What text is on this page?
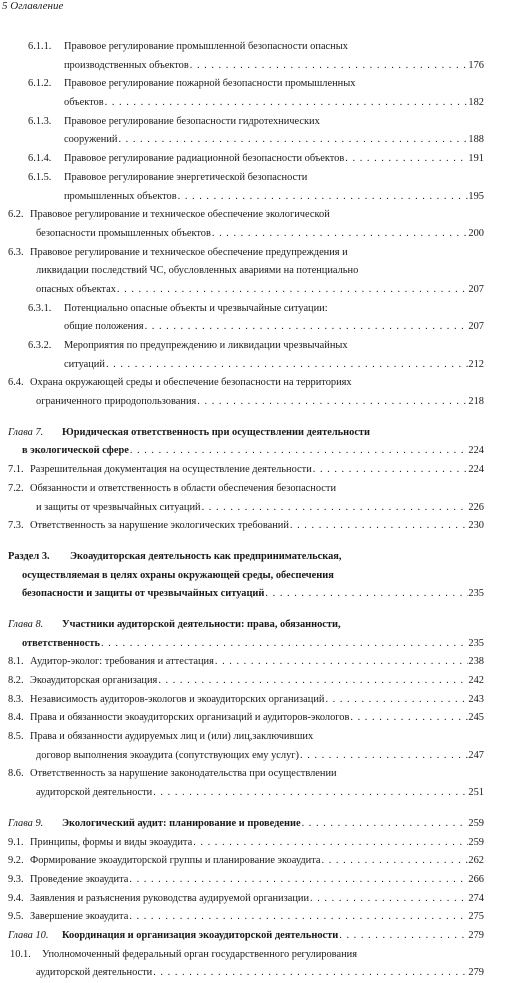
5 Оглавление
6.1.1. Правовое регулирование промышленной безопасности опасных
производственных объектов . . .	176
6.1.2. Правовое регулирование пожарной безопасности промышленных
объектов . . .	182
6.1.3. Правовое регулирование безопасности гидротехнических
сооружений . . .	188
6.1.4. Правовое регулирование радиационной безопасности объектов . . .	191
6.1.5. Правовое регулирование энергетической безопасности
промышленных объектов . . .	195
6.2. Правовое регулирование и техническое обеспечение экологической
безопасности промышленных объектов . . .	200
6.3. Правовое регулирование и техническое обеспечение предупреждения и
ликвидации последствий ЧС, обусловленных авариями на потенциально
опасных объектах . . .	207
6.3.1. Потенциально опасные объекты и чрезвычайные ситуации:
общие положения . . .	207
6.3.2. Мероприятия по предупреждению и ликвидации чрезвычайных
ситуаций . . .	212
6.4. Охрана окружающей среды и обеспечение безопасности на территориях
ограниченного природопользования . . .	218
Глава 7. Юридическая ответственность при осуществлении деятельности
в экологической сфере . . .	224
7.1. Разрешительная документация на осуществление деятельности . . .	224
7.2. Обязанности и ответственность в области обеспечения безопасности
и защиты от чрезвычайных ситуаций . . .	226
7.3. Ответственность за нарушение экологических требований . . .	230
Раздел 3. Экоаудиторская деятельность как предпринимательская,
осуществляемая в целях охраны окружающей среды, обеспечения
безопасности и защиты от чрезвычайных ситуаций . . .	235
Глава 8. Участники аудиторской деятельности: права, обязанности,
ответственность . . .	235
8.1. Аудитор-эколог: требования и аттестация . . .	238
8.2. Экоаудиторская организация . . .	242
8.3. Независимость аудиторов-экологов и экоаудиторских организаций . . .	243
8.4. Права и обязанности экоаудиторских организаций и аудиторов-экологов . . .	245
8.5. Права и обязанности аудируемых лиц и (или) лиц,заключивших
договор выполнения экоаудита (сопутствующих ему услуг) . . .	247
8.6. Ответственность за нарушение законодательства при осуществлении
аудиторской деятельности . . .	251
Глава 9. Экологический аудит: планирование и проведение . . .	259
9.1. Принципы, формы и виды экоаудита . . .	259
9.2. Формирование экоаудиторской группы и планирование экоаудита . . .	262
9.3. Проведение экоаудита . . .	266
9.4. Заявления и разъяснения руководства аудируемой организации . . .	274
9.5. Завершение экоаудита . . .	275
Глава 10. Координация и организация экоаудиторской деятельности . . .	279
10.1. Уполномоченный федеральный орган государственного регулирования
аудиторской деятельности . . .	279
